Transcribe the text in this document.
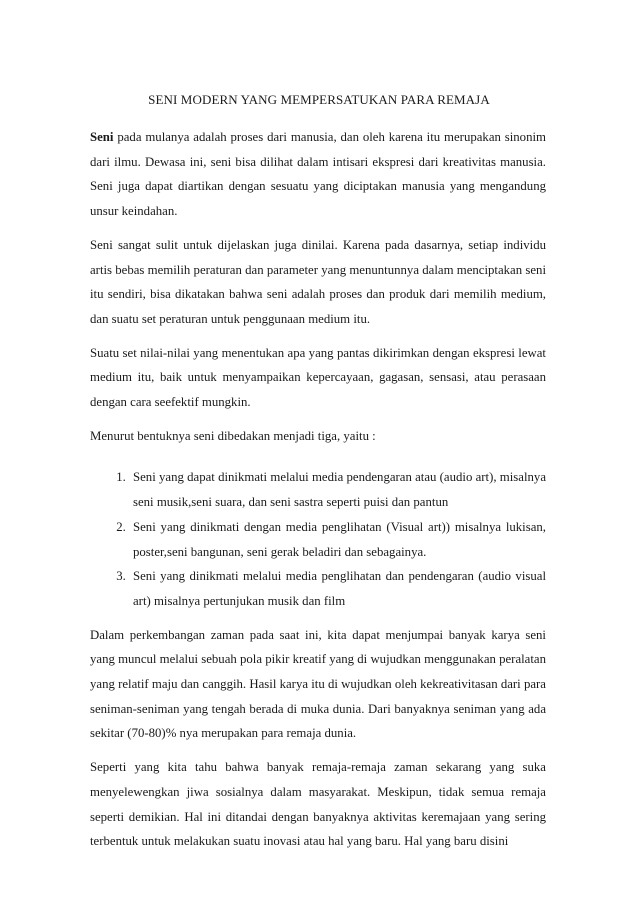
SENI MODERN YANG MEMPERSATUKAN PARA REMAJA

Seni pada mulanya adalah proses dari manusia, dan oleh karena itu merupakan sinonim dari ilmu. Dewasa ini, seni bisa dilihat dalam intisari ekspresi dari kreativitas manusia. Seni juga dapat diartikan dengan sesuatu yang diciptakan manusia yang mengandung unsur keindahan.

Seni sangat sulit untuk dijelaskan juga dinilai. Karena pada dasarnya, setiap individu artis bebas memilih peraturan dan parameter yang menuntunnya dalam menciptakan seni itu sendiri, bisa dikatakan bahwa seni adalah proses dan produk dari memilih medium, dan suatu set peraturan untuk penggunaan medium itu.

Suatu set nilai-nilai yang menentukan apa yang pantas dikirimkan dengan ekspresi lewat medium itu, baik untuk menyampaikan kepercayaan, gagasan, sensasi, atau perasaan dengan cara seefektif mungkin.

Menurut bentuknya seni dibedakan menjadi tiga, yaitu :

1. Seni yang dapat dinikmati melalui media pendengaran atau (audio art), misalnya seni musik,seni suara, dan seni sastra seperti puisi dan pantun
2. Seni yang dinikmati dengan media penglihatan (Visual art)) misalnya lukisan, poster,seni bangunan, seni gerak beladiri dan sebagainya.
3. Seni yang dinikmati melalui media penglihatan dan pendengaran (audio visual art) misalnya pertunjukan musik dan film

Dalam perkembangan zaman pada saat ini, kita dapat menjumpai banyak karya seni yang muncul melalui sebuah pola pikir kreatif yang di wujudkan menggunakan peralatan yang relatif maju dan canggih. Hasil karya itu di wujudkan oleh kekreativitasan dari para seniman-seniman yang tengah berada di muka dunia. Dari banyaknya seniman yang ada sekitar (70-80)% nya merupakan para remaja dunia.

Seperti yang kita tahu bahwa banyak remaja-remaja zaman sekarang yang suka menyelewengkan jiwa sosialnya dalam masyarakat. Meskipun, tidak semua remaja seperti demikian. Hal ini ditandai dengan banyaknya aktivitas keremajaan yang sering terbentuk untuk melakukan suatu inovasi atau hal yang baru. Hal yang baru disini
